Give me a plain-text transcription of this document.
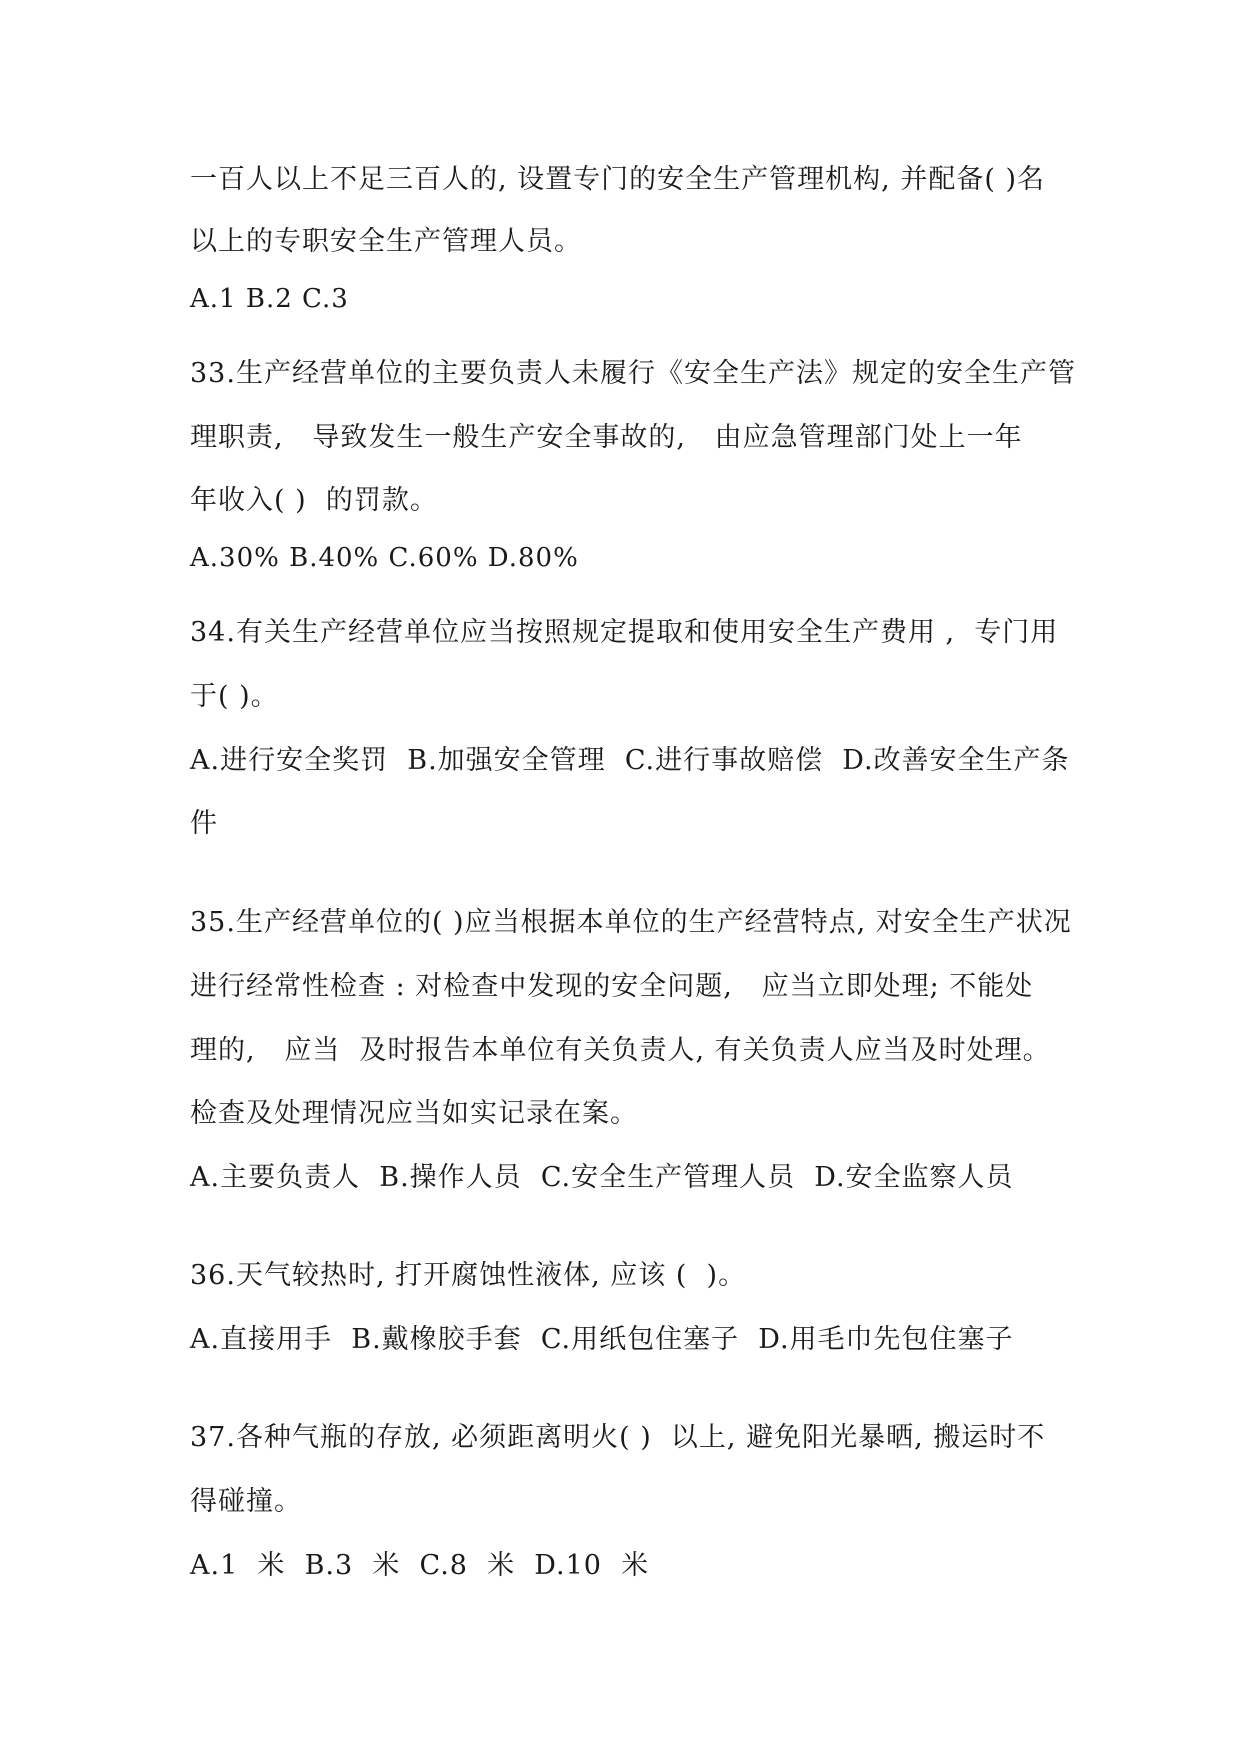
一百人以上不足三百人的, 设置专门的安全生产管理机构, 并配备( )名
以上的专职安全生产管理人员。
A.1 B.2 C.3
33.生产经营单位的主要负责人未履行《安全生产法》规定的安全生产管
理职责,   导致发生一般生产安全事故的,   由应急管理部门处上一年
年收入( )  的罚款。
A.30% B.40% C.60% D.80%
34.有关生产经营单位应当按照规定提取和使用安全生产费用 ,  专门用
于( )。
A.进行安全奖罚  B.加强安全管理  C.进行事故赔偿  D.改善安全生产条
件
35.生产经营单位的( )应当根据本单位的生产经营特点, 对安全生产状况
进行经常性检查 : 对检查中发现的安全问题,   应当立即处理; 不能处
理的,   应当  及时报告本单位有关负责人, 有关负责人应当及时处理。
检查及处理情况应当如实记录在案。
A.主要负责人  B.操作人员  C.安全生产管理人员  D.安全监察人员
36.天气较热时, 打开腐蚀性液体, 应该 (  )。
A.直接用手  B.戴橡胶手套  C.用纸包住塞子  D.用毛巾先包住塞子
37.各种气瓶的存放, 必须距离明火( )  以上, 避免阳光暴晒, 搬运时不
得碰撞。
A.1  米  B.3  米  C.8  米  D.10  米
